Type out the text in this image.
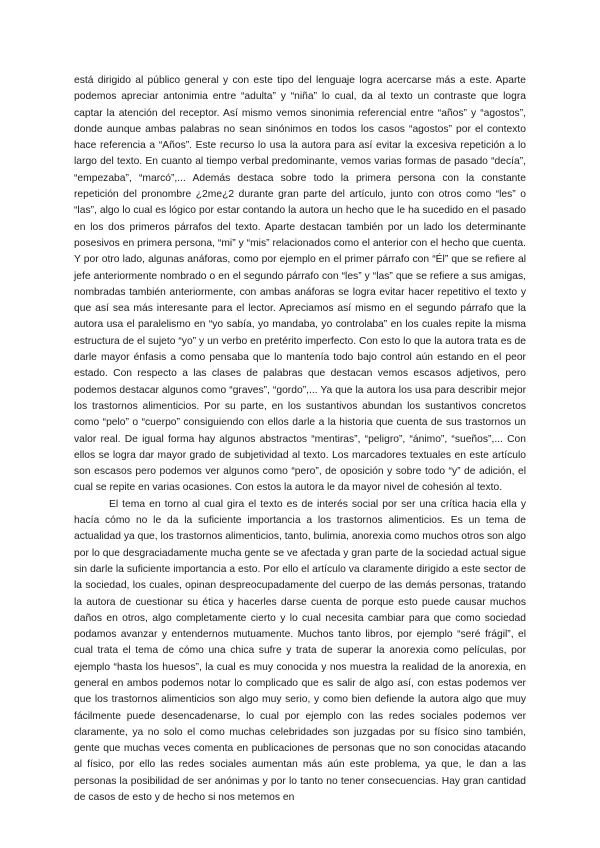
está dirigido al público general y con este tipo del lenguaje logra acercarse más a este. Aparte podemos apreciar antonimia entre “adulta” y “niña” lo cual, da al texto un contraste que logra captar la atención del receptor. Así mismo vemos sinonimia referencial entre “años” y “agostos”, donde aunque ambas palabras no sean sinónimos en todos los casos “agostos” por el contexto hace referencia a “Años”. Este recurso lo usa la autora para así evitar la excesiva repetición a lo largo del texto. En cuanto al tiempo verbal predominante, vemos varias formas de pasado “decía”, “empezaba”, “marcó”,... Además destaca sobre todo la primera persona con la constante repetición del pronombre ¿2me¿2 durante gran parte del artículo, junto con otros como “les” o “las”, algo lo cual es lógico por estar contando la autora un hecho que le ha sucedido en el pasado en los dos primeros párrafos del texto. Aparte destacan también por un lado los determinante posesivos en primera persona, “mi” y “mis” relacionados como el anterior con el hecho que cuenta. Y por otro lado, algunas anáforas, como por ejemplo en el primer párrafo con “Él” que se refiere al jefe anteriormente nombrado o en el segundo párrafo con “les” y “las” que se refiere a sus amigas, nombradas también anteriormente, con ambas anáforas se logra evitar hacer repetitivo el texto y que así sea más interesante para el lector. Apreciamos así mismo en el segundo párrafo que la autora usa el paralelismo en “yo sabía, yo mandaba, yo controlaba” en los cuales repite la misma estructura de el sujeto “yo” y un verbo en pretérito imperfecto. Con esto lo que la autora trata es de darle mayor énfasis a como pensaba que lo mantenía todo bajo control aún estando en el peor estado. Con respecto a las clases de palabras que destacan vemos escasos adjetivos, pero podemos destacar algunos como “graves”, “gordo”,... Ya que la autora los usa para describir mejor los trastornos alimenticios. Por su parte, en los sustantivos abundan los sustantivos concretos como “pelo” o “cuerpo” consiguiendo con ellos darle a la historia que cuenta de sus trastornos un valor real. De igual forma hay algunos abstractos “mentiras”, “peligro”, “ánimo”, “sueños”,... Con ellos se logra dar mayor grado de subjetividad al texto. Los marcadores textuales en este artículo son escasos pero podemos ver algunos como “pero”, de oposición y sobre todo “y” de adición, el cual se repite en varias ocasiones. Con estos la autora le da mayor nivel de cohesión al texto.

El tema en torno al cual gira el texto es de interés social por ser una crítica hacia ella y hacía cómo no le da la suficiente importancia a los trastornos alimenticios. Es un tema de actualidad ya que, los trastornos alimenticios, tanto, bulimia, anorexia como muchos otros son algo por lo que desgraciadamente mucha gente se ve afectada y gran parte de la sociedad actual sigue sin darle la suficiente importancia a esto. Por ello el artículo va claramente dirigido a este sector de la sociedad, los cuales, opinan despreocupadamente del cuerpo de las demás personas, tratando la autora de cuestionar su ética y hacerles darse cuenta de porque esto puede causar muchos daños en otros, algo completamente cierto y lo cual necesita cambiar para que como sociedad podamos avanzar y entendernos mutuamente. Muchos tanto libros, por ejemplo “seré frágil”, el cual trata el tema de cómo una chica sufre y trata de superar la anorexia como películas, por ejemplo “hasta los huesos”, la cual es muy conocida y nos muestra la realidad de la anorexia, en general en ambos podemos notar lo complicado que es salir de algo así, con estas podemos ver que los trastornos alimenticios son algo muy serio, y como bien defiende la autora algo que muy fácilmente puede desencadenarse, lo cual por ejemplo con las redes sociales podemos ver claramente, ya no solo el como muchas celebridades son juzgadas por su físico sino también, gente que muchas veces comenta en publicaciones de personas que no son conocidas atacando al físico, por ello las redes sociales aumentan más aún este problema, ya que, le dan a las personas la posibilidad de ser anónimas y por lo tanto no tener consecuencias. Hay gran cantidad de casos de esto y de hecho si nos metemos en
